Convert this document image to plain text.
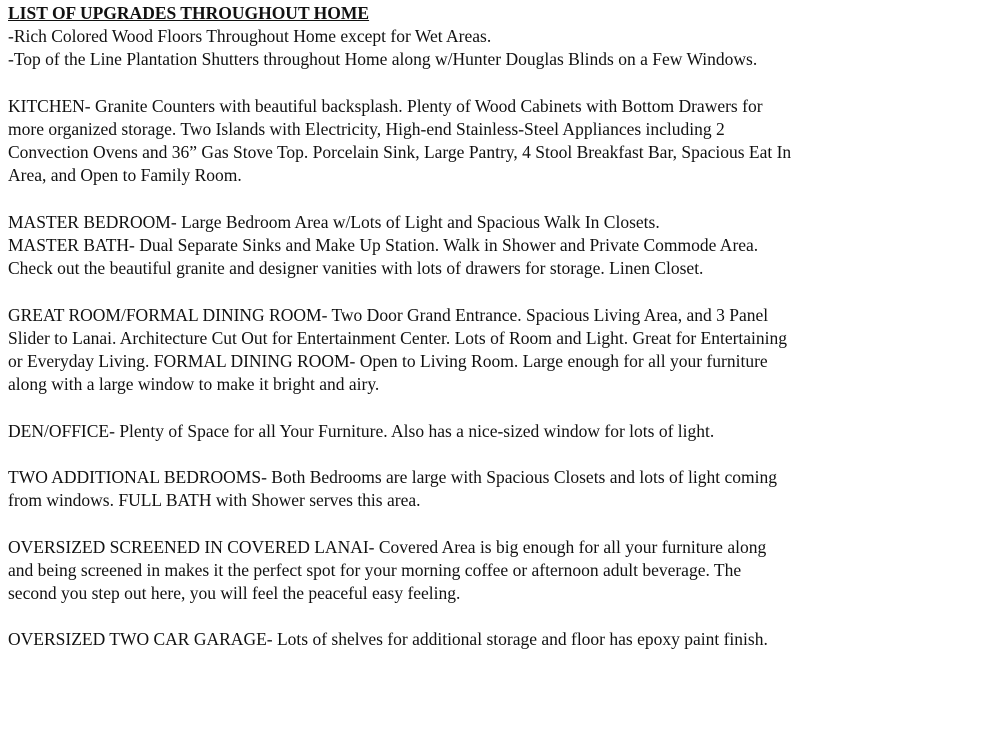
LIST OF UPGRADES THROUGHOUT HOME

-Rich Colored Wood Floors Throughout Home except for Wet Areas.

-Top of the Line Plantation Shutters throughout Home along w/Hunter Douglas Blinds on a Few Windows.

KITCHEN- Granite Counters with beautiful backsplash. Plenty of Wood Cabinets with Bottom Drawers for more organized storage. Two Islands with Electricity, High-end Stainless-Steel Appliances including 2 Convection Ovens and 36” Gas Stove Top. Porcelain Sink, Large Pantry, 4 Stool Breakfast Bar, Spacious Eat In Area, and Open to Family Room.

MASTER BEDROOM- Large Bedroom Area w/Lots of Light and Spacious Walk In Closets.

MASTER BATH- Dual Separate Sinks and Make Up Station. Walk in Shower and Private Commode Area. Check out the beautiful granite and designer vanities with lots of drawers for storage. Linen Closet.

GREAT ROOM/FORMAL DINING ROOM- Two Door Grand Entrance. Spacious Living Area, and 3 Panel Slider to Lanai. Architecture Cut Out for Entertainment Center. Lots of Room and Light. Great for Entertaining or Everyday Living. FORMAL DINING ROOM- Open to Living Room. Large enough for all your furniture along with a large window to make it bright and airy.

DEN/OFFICE- Plenty of Space for all Your Furniture. Also has a nice-sized window for lots of light.

TWO ADDITIONAL BEDROOMS- Both Bedrooms are large with Spacious Closets and lots of light coming from windows. FULL BATH with Shower serves this area.

OVERSIZED SCREENED IN COVERED LANAI- Covered Area is big enough for all your furniture along and being screened in makes it the perfect spot for your morning coffee or afternoon adult beverage. The second you step out here, you will feel the peaceful easy feeling.

OVERSIZED TWO CAR GARAGE- Lots of shelves for additional storage and floor has epoxy paint finish.
